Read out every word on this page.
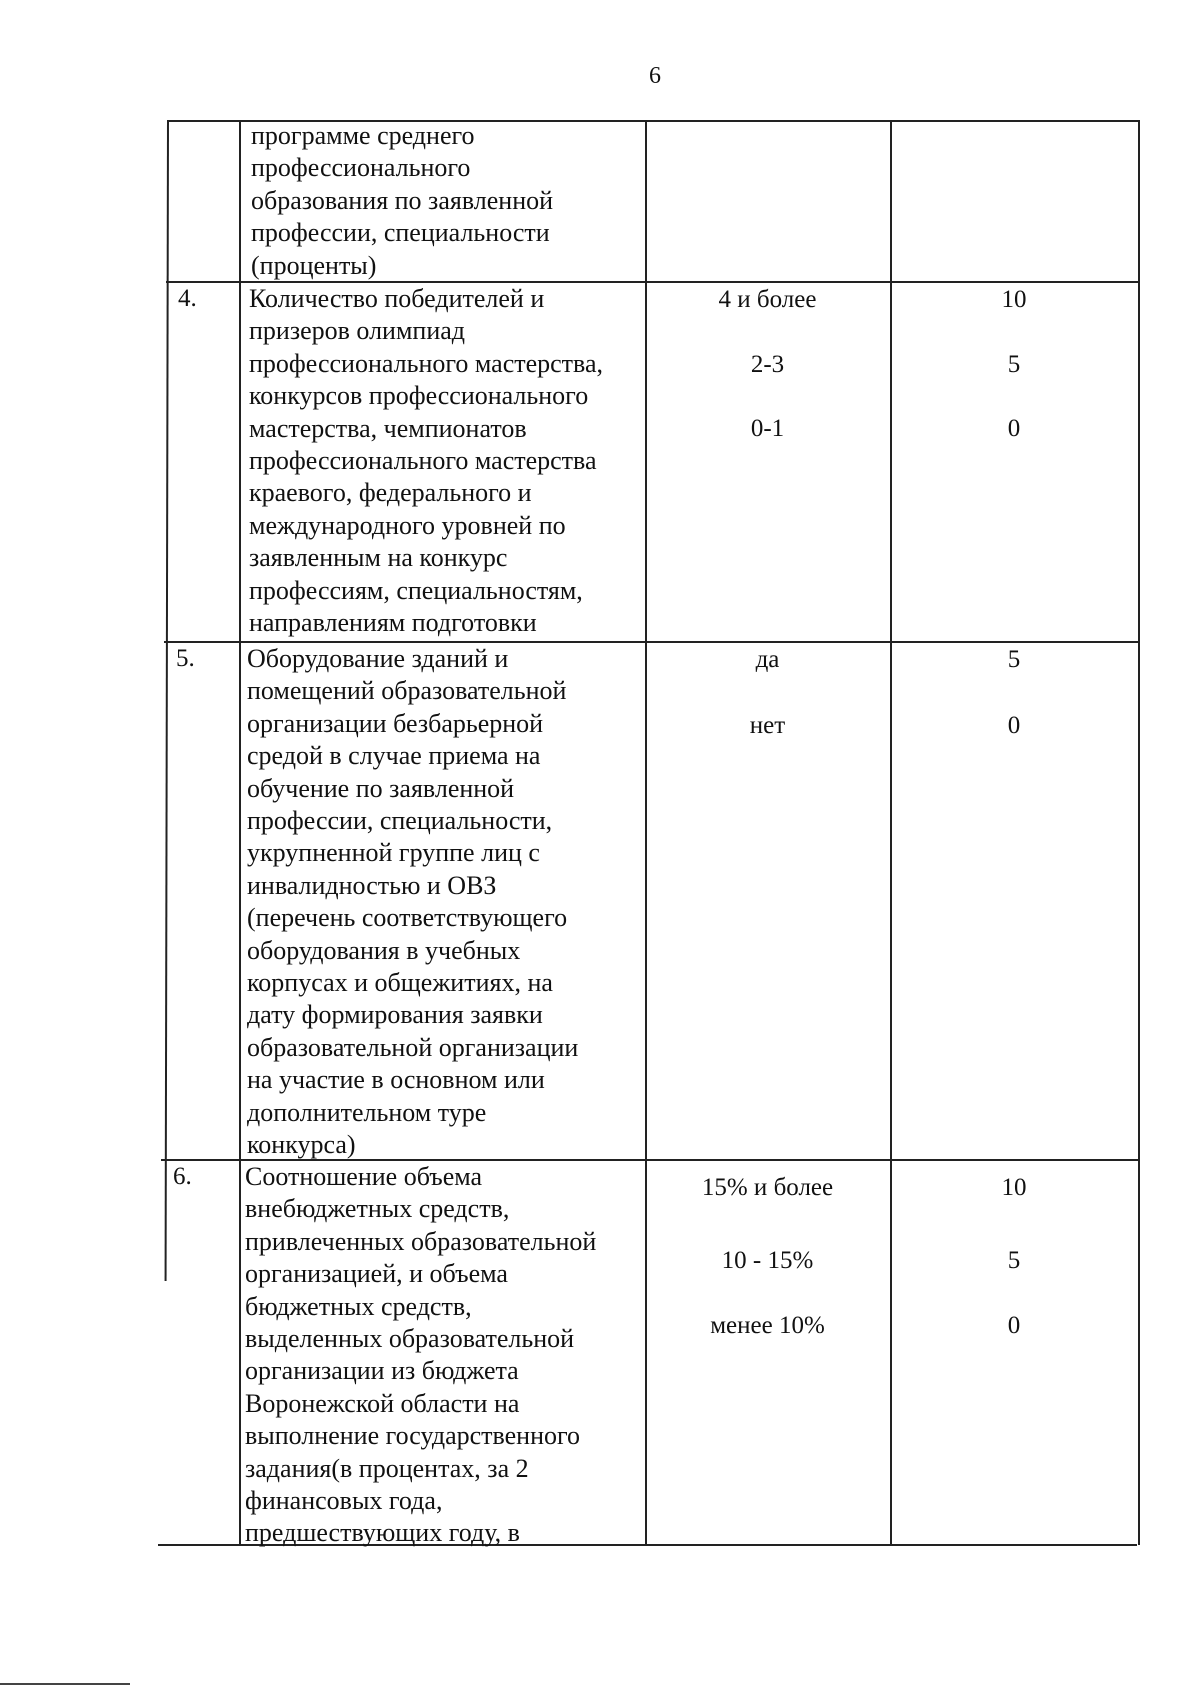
6
программе среднего
профессионального
образования по заявленной
профессии, специальности
(проценты)
4. Количество победителей и
призеров олимпиад
профессионального мастерства,
конкурсов профессионального
мастерства, чемпионатов
профессионального мастерства
краевого, федерального и
международного уровней по
заявленным на конкурс
профессиям, специальностям,
направлениям подготовки
4 и более
2-3
0-1
10
5
0
5. Оборудование зданий и
помещений образовательной
организации безбарьерной
средой в случае приема на
обучение по заявленной
профессии, специальности,
укрупненной группе лиц с
инвалидностью и ОВЗ
(перечень соответствующего
оборудования в учебных
корпусах и общежитиях, на
дату формирования заявки
образовательной организации
на участие в основном или
дополнительном туре
конкурса)
да
нет
5
0
6. Соотношение объема
внебюджетных средств,
привлеченных образовательной
организацией, и объема
бюджетных средств,
выделенных образовательной
организации из бюджета
Воронежской области на
выполнение государственного
задания(в процентах, за 2
финансовых года,
предшествующих году, в
15% и более
10 - 15%
менее 10%
10
5
0
